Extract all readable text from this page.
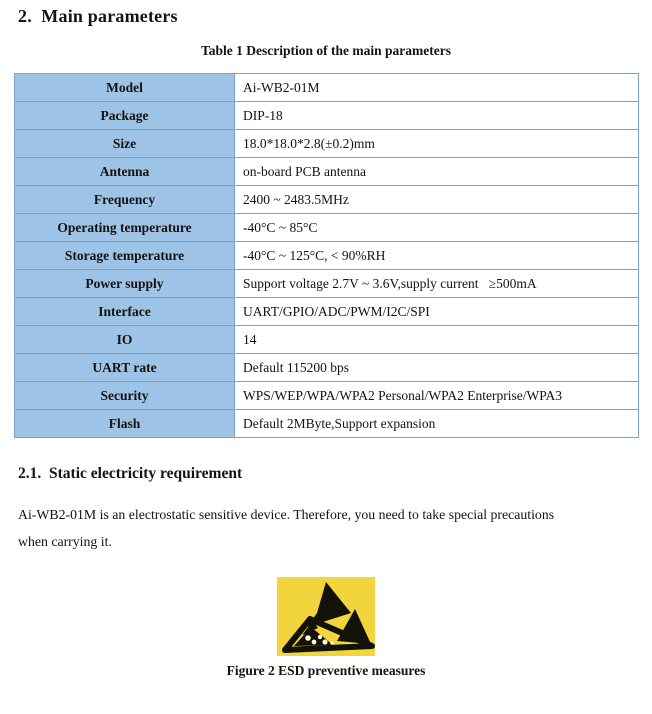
2.  Main parameters
Table 1 Description of the main parameters
Model	Ai-WB2-01M
Package	DIP-18
Size	18.0*18.0*2.8(±0.2)mm
Antenna	on-board PCB antenna
Frequency	2400 ~ 2483.5MHz
Operating temperature	-40°C ~ 85°C
Storage temperature	-40°C ~ 125°C, < 90%RH
Power supply	Support voltage 2.7V ~ 3.6V,supply current   ≥500mA
Interface	UART/GPIO/ADC/PWM/I2C/SPI
IO	14
UART rate	Default 115200 bps
Security	WPS/WEP/WPA/WPA2 Personal/WPA2 Enterprise/WPA3
Flash	Default 2MByte,Support expansion
2.1.  Static electricity requirement

Ai-WB2-01M is an electrostatic sensitive device. Therefore, you need to take special precautions when carrying it.

Figure 2 ESD preventive measures
